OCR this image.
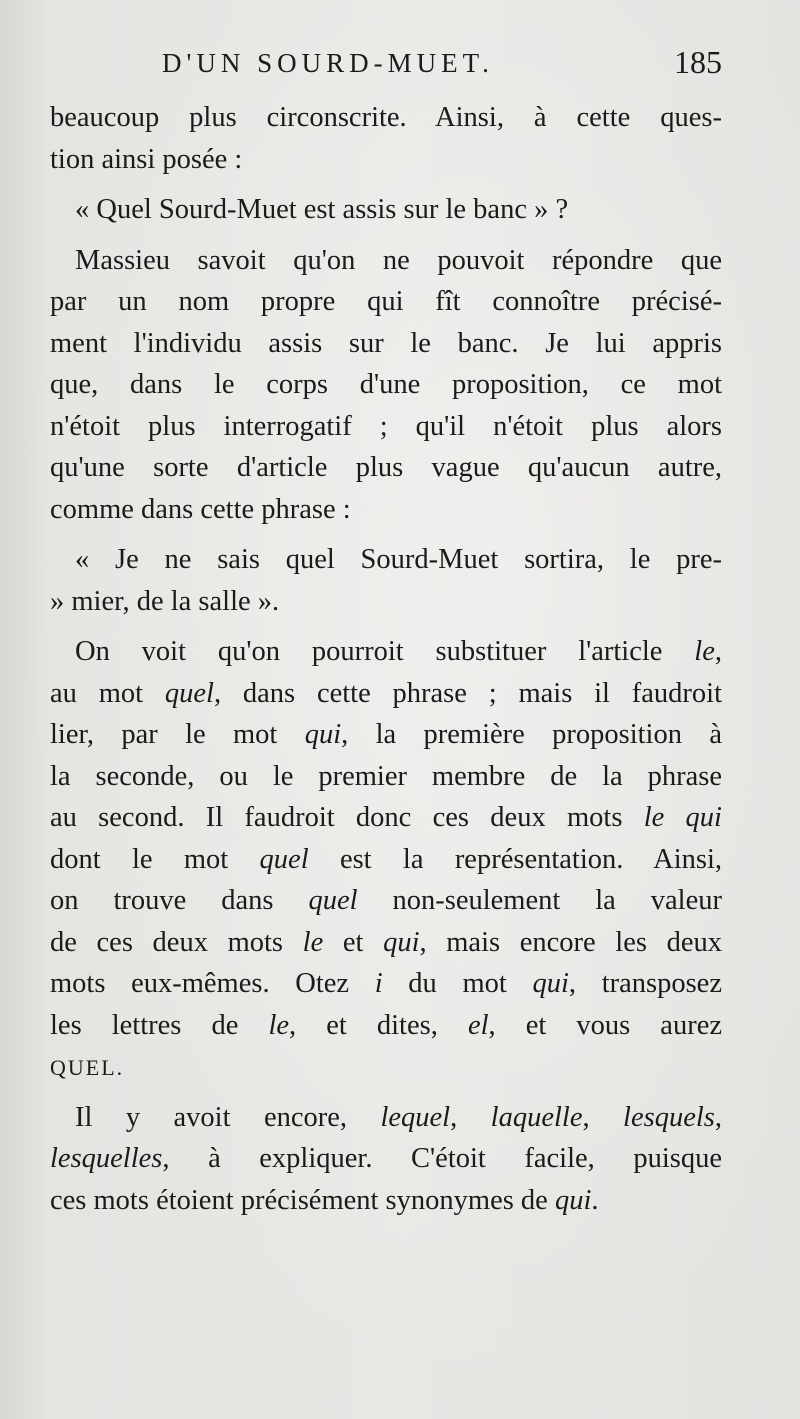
D'UN SOURD-MUET.	185
beaucoup plus circonscrite. Ainsi, à cette ques-
tion ainsi posée :
« Quel Sourd-Muet est assis sur le banc » ?
Massieu savoit qu'on ne pouvoit répondre que
par un nom propre qui fît connoître précisé-
ment l'individu assis sur le banc. Je lui appris
que, dans le corps d'une proposition, ce mot
n'étoit plus interrogatif ; qu'il n'étoit plus alors
qu'une sorte d'article plus vague qu'aucun autre,
comme dans cette phrase :
« Je ne sais quel Sourd-Muet sortira, le pre-
» mier, de la salle ».
On voit qu'on pourroit substituer l'article le,
au mot quel, dans cette phrase ; mais il faudroit
lier, par le mot qui, la première proposition à
la seconde, ou le premier membre de la phrase
au second. Il faudroit donc ces deux mots le qui
dont le mot quel est la représentation. Ainsi,
on trouve dans quel non-seulement la valeur
de ces deux mots le et qui, mais encore les deux
mots eux-mêmes. Otez i du mot qui, transposez
les lettres de le, et dites, el, et vous aurez
QUEL.
Il y avoit encore, lequel, laquelle, lesquels,
lesquelles, à expliquer. C'étoit facile, puisque
ces mots étoient précisément synonymes de qui.
